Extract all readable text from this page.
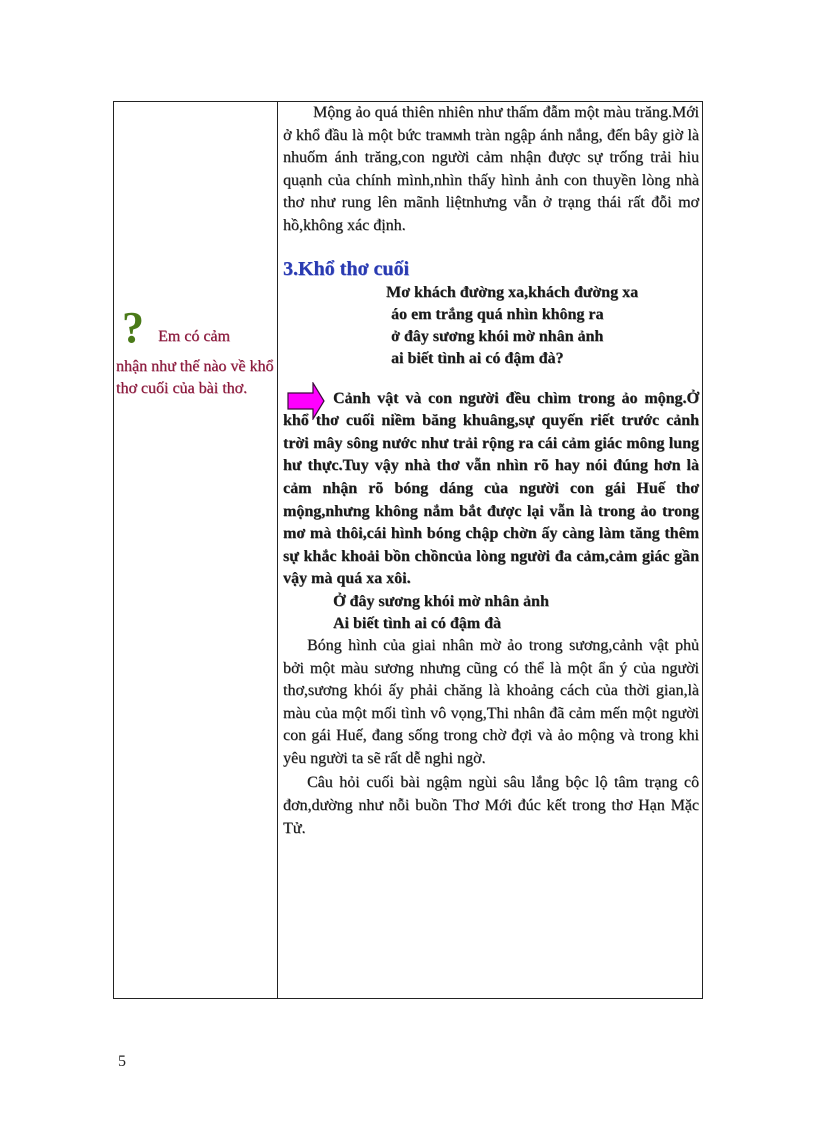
? Em có cảm
nhận như thế nào về khổ thơ cuối của bài thơ.

Mộng ảo quá thiên nhiên như thấm đẫm một màu trăng.Mới ở khổ đầu là một bức traммh tràn ngập ánh nắng, đến bây giờ là nhuốm ánh trăng,con người cảm nhận được sự trống trải hiu quạnh của chính mình,nhìn thấy hình ảnh con thuyền lòng nhà thơ như rung lên mãnh liệtnhưng vẫn ở trạng thái rất đỗi mơ hồ,không xác định.

3.Khổ thơ cuối
Mơ khách đường xa,khách đường xa
áo em trắng quá nhìn không ra
ở đây sương khói mờ nhân ảnh
ai biết tình ai có đậm đà?

Cảnh vật và con người đều chìm trong ảo mộng.Ở khổ thơ cuối niềm băng khuâng,sự quyến riết trước cảnh trời mây sông nước như trải rộng ra cái cảm giác mông lung hư thực.Tuy vậy nhà thơ vẫn nhìn rõ hay nói đúng hơn là cảm nhận rõ bóng dáng của người con gái Huế thơ mộng,nhưng không nắm bắt được lại vẫn là trong ảo trong mơ mà thôi,cái hình bóng chập chờn ấy càng làm tăng thêm sự khắc khoải bồn chồncủa lòng người đa cảm,cảm giác gần vậy mà quá xa xôi.

Ở đây sương khói mờ nhân ảnh
Ai biết tình ai có đậm đà

Bóng hình của giai nhân mờ ảo trong sương,cảnh vật phủ bởi một màu sương nhưng cũng có thể là một ẩn ý của người thơ,sương khói ấy phải chăng là khoảng cách của thời gian,là màu của một mối tình vô vọng,Thi nhân đã cảm mến một người con gái Huế, đang sống trong chờ đợi và ảo mộng và trong khi yêu người ta sẽ rất dễ nghi ngờ.

Câu hỏi cuối bài ngậm ngùi sâu lắng bộc lộ tâm trạng cô đơn,dường như nỗi buồn Thơ Mới đúc kết trong thơ Hạn Mặc Tử.

5
